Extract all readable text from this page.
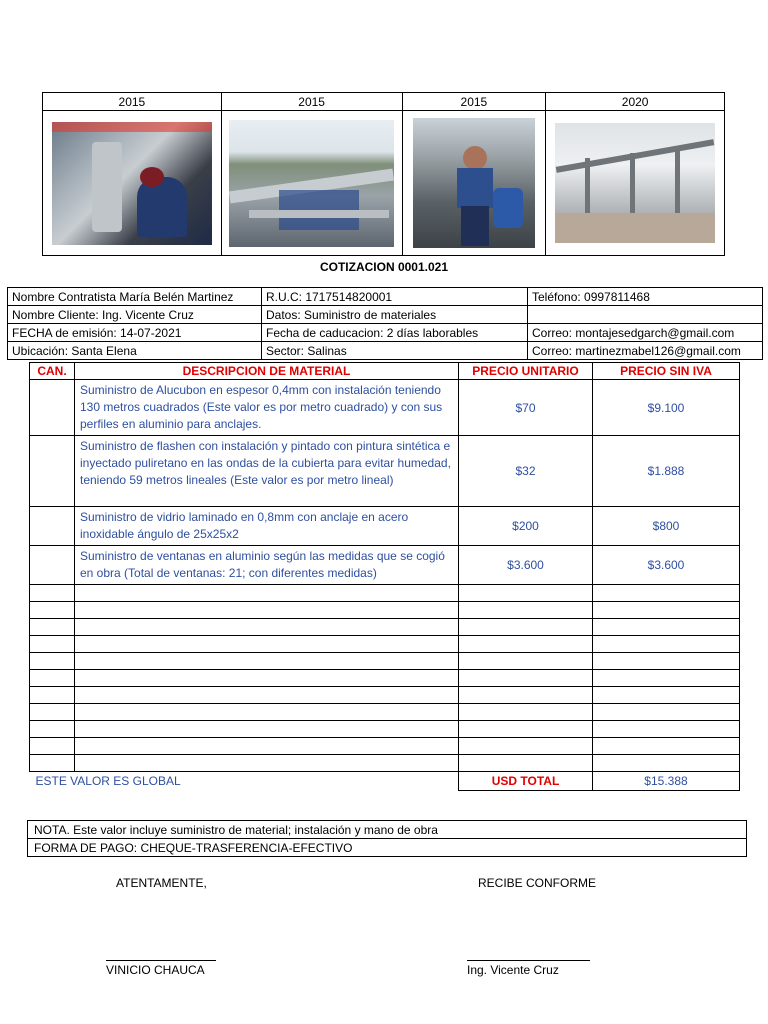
2015	2015	2015	2020

COTIZACION 0001.021
Nombre Contratista María Belén Martinez	R.U.C: 1717514820001	Teléfono: 0997811468
Nombre Cliente: Ing. Vicente Cruz	Datos: Suministro de materiales	
FECHA de emisión: 14-07-2021	Fecha de caducacion: 2 días laborables	Correo: montajesedgarch@gmail.com
Ubicación: Santa Elena	Sector: Salinas	Correo: martinezmabel126@gmail.com
CAN.	DESCRIPCION DE MATERIAL	PRECIO UNITARIO	PRECIO SIN IVA
	Suministro de Alucubon en espesor 0,4mm con instalación teniendo 130 metros cuadrados (Este valor es por metro cuadrado) y con sus perfiles en aluminio para anclajes.	$70	$9.100
	Suministro de flashen con instalación y pintado con pintura sintética e inyectado puliretano en las ondas de la cubierta para evitar humedad, teniendo 59 metros lineales (Este valor es por metro lineal)	$32	$1.888
	Suministro de vidrio laminado en 0,8mm con anclaje en acero inoxidable ángulo de 25x25x2	$200	$800
	Suministro de ventanas en aluminio según las medidas que se cogió en obra (Total de ventanas: 21; con diferentes medidas)	$3.600	$3.600

ESTE VALOR ES GLOBAL		USD TOTAL	$15.388
NOTA. Este valor incluye suministro de material; instalación y mano de obra
FORMA DE PAGO: CHEQUE-TRASFERENCIA-EFECTIVO
ATENTAMENTE,	RECIBE CONFORME
VINICIO CHAUCA	Ing. Vicente Cruz
